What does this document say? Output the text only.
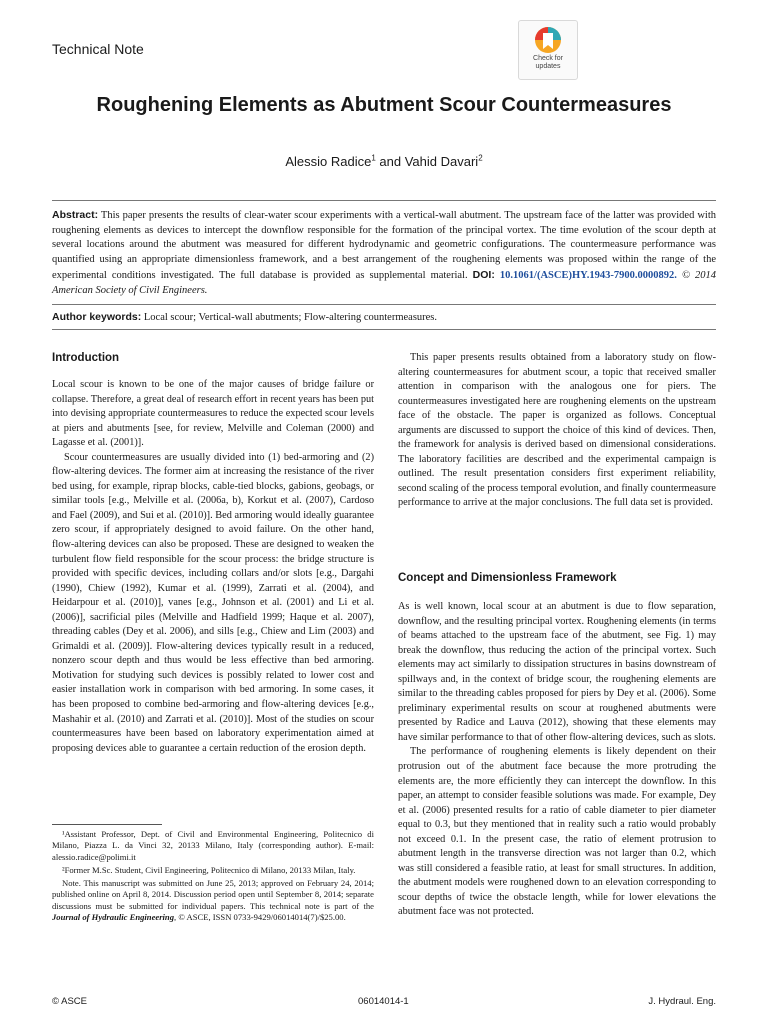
Technical Note
Check for updates
Roughening Elements as Abutment Scour Countermeasures
Alessio Radice$^1$ and Vahid Davari$^2$
Abstract: This paper presents the results of clear-water scour experiments with a vertical-wall abutment. The upstream face of the latter was provided with roughening elements as devices to intercept the downflow responsible for the formation of the principal vortex. The time evolution of the scour depth at several locations around the abutment was measured for different hydrodynamic and geometric configurations. The countermeasure performance was quantified using an appropriate dimensionless framework, and a best arrangement of the roughening elements was proposed within the range of the experimental conditions investigated. The full database is provided as supplemental material. DOI: 10.1061/(ASCE)HY.1943-7900.0000892. © 2014 American Society of Civil Engineers.
Author keywords: Local scour; Vertical-wall abutments; Flow-altering countermeasures.
Introduction

Local scour is known to be one of the major causes of bridge failure or collapse. Therefore, a great deal of research effort in recent years has been put into devising appropriate countermeasures to reduce the expected scour levels at piers and abutments [see, for review, Melville and Coleman (2000) and Lagasse et al. (2001)].

Scour countermeasures are usually divided into (1) bed-armoring and (2) flow-altering devices. The former aim at increasing the resistance of the river bed using, for example, riprap blocks, cable-tied blocks, gabions, geobags, or similar tools [e.g., Melville et al. (2006a, b), Korkut et al. (2007), Cardoso and Fael (2009), and Sui et al. (2010)]. Bed armoring would ideally guarantee zero scour, if appropriately designed to avoid failure. On the other hand, flow-altering devices can also be proposed. These are designed to weaken the turbulent flow field responsible for the scour process: the bridge structure is provided with specific devices, including collars and/or slots [e.g., Dargahi (1990), Chiew (1992), Kumar et al. (1999), Zarrati et al. (2004), and Heidarpour et al. (2010)], vanes [e.g., Johnson et al. (2001) and Li et al. (2006)], sacrificial piles (Melville and Hadfield 1999; Haque et al. 2007), threading cables (Dey et al. 2006), and sills [e.g., Chiew and Lim (2003) and Grimaldi et al. (2009)]. Flow-altering devices typically result in a reduced, nonzero scour depth and thus would be less effective than bed armoring. Motivation for studying such devices is possibly related to lower cost and easier installation work in comparison with bed armoring. In some cases, it has been proposed to combine bed-armoring and flow-altering devices [e.g., Mashahir et al. (2010) and Zarrati et al. (2010)]. Most of the studies on scour countermeasures have been based on laboratory experimentation aimed at proposing devices able to guarantee a certain reduction of the erosion depth.

¹Assistant Professor, Dept. of Civil and Environmental Engineering, Politecnico di Milano, Piazza L. da Vinci 32, 20133 Milano, Italy (corresponding author). E-mail: alessio.radice@polimi.it

²Former M.Sc. Student, Civil Engineering, Politecnico di Milano, 20133 Milan, Italy.

Note. This manuscript was submitted on June 25, 2013; approved on February 24, 2014; published online on April 8, 2014. Discussion period open until September 8, 2014; separate discussions must be submitted for individual papers. This technical note is part of the Journal of Hydraulic Engineering, © ASCE, ISSN 0733-9429/06014014(7)/$25.00.

This paper presents results obtained from a laboratory study on flow-altering countermeasures for abutment scour, a topic that received smaller attention in comparison with the analogous one for piers. The countermeasures investigated here are roughening elements on the upstream face of the obstacle. The paper is organized as follows. Conceptual arguments are discussed to support the choice of this kind of devices. Then, the framework for analysis is derived based on dimensional considerations. The laboratory facilities are described and the experimental campaign is outlined. The result presentation considers first experiment reliability, second scaling of the process temporal evolution, and finally countermeasure performance to arrive at the major conclusions. The full data set is provided.

Concept and Dimensionless Framework

As is well known, local scour at an abutment is due to flow separation, downflow, and the resulting principal vortex. Roughening elements (in terms of beams attached to the upstream face of the abutment, see Fig. 1) may break the downflow, thus reducing the action of the principal vortex. Such elements may act similarly to dissipation structures in basins downstream of spillways and, in the context of bridge scour, the roughening elements are similar to the threading cables proposed for piers by Dey et al. (2006). Some preliminary experimental results on scour at roughened abutments were presented by Radice and Lauva (2012), showing that these elements may have similar performance to that of other flow-altering devices, such as slots.

The performance of roughening elements is likely dependent on their protrusion out of the abutment face because the more protruding the elements are, the more efficiently they can intercept the downflow. In this paper, an attempt to consider feasible solutions was made. For example, Dey et al. (2006) presented results for a ratio of cable diameter to pier diameter equal to 0.3, but they mentioned that in reality such a ratio would probably not exceed 0.1. In the present case, the ratio of element protrusion to abutment length in the transverse direction was not larger than 0.2, which was still considered a feasible ratio, at least for small structures. In addition, the abutment models were roughened down to an elevation corresponding to scour depths of twice the obstacle length, while for lower elevations the abutment face was not protected.

© ASCE	06014014-1	J. Hydraul. Eng.
